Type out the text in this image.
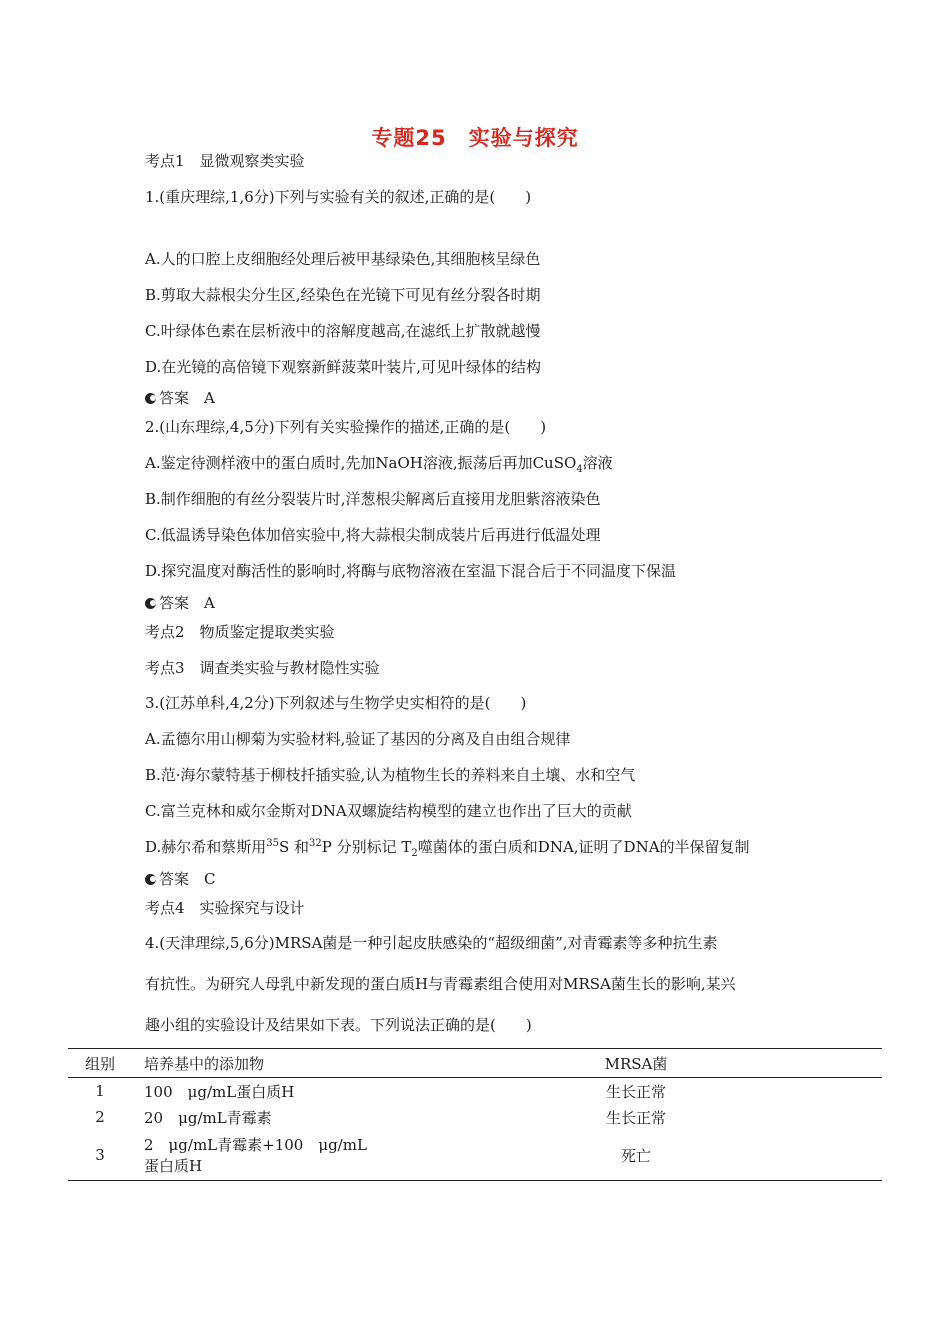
专题25　实验与探究
考点1　显微观察类实验
1.(重庆理综,1,6分)下列与实验有关的叙述,正确的是(　　)
A.人的口腔上皮细胞经处理后被甲基绿染色,其细胞核呈绿色
B.剪取大蒜根尖分生区,经染色在光镜下可见有丝分裂各时期
C.叶绿体色素在层析液中的溶解度越高,在滤纸上扩散就越慢
D.在光镜的高倍镜下观察新鲜菠菜叶装片,可见叶绿体的结构
答案　A
2.(山东理综,4,5分)下列有关实验操作的描述,正确的是(　　)
A.鉴定待测样液中的蛋白质时,先加NaOH溶液,振荡后再加CuSO$_4$溶液
B.制作细胞的有丝分裂装片时,洋葱根尖解离后直接用龙胆紫溶液染色
C.低温诱导染色体加倍实验中,将大蒜根尖制成装片后再进行低温处理
D.探究温度对酶活性的影响时,将酶与底物溶液在室温下混合后于不同温度下保温
答案　A
考点2　物质鉴定提取类实验
考点3　调查类实验与教材隐性实验
3.(江苏单科,4,2分)下列叙述与生物学史实相符的是(　　)
A.孟德尔用山柳菊为实验材料,验证了基因的分离及自由组合规律
B.范·海尔蒙特基于柳枝扦插实验,认为植物生长的养料来自土壤、水和空气
C.富兰克林和威尔金斯对DNA双螺旋结构模型的建立也作出了巨大的贡献
D.赫尔希和蔡斯用$^{35}$S 和$^{32}$P 分别标记 $T_2$噬菌体的蛋白质和DNA,证明了DNA的半保留复制
答案　C
考点4　实验探究与设计
4.(天津理综,5,6分)MRSA菌是一种引起皮肤感染的“超级细菌”,对青霉素等多种抗生素
有抗性。为研究人母乳中新发现的蛋白质H与青霉素组合使用对MRSA菌生长的影响,某兴
趣小组的实验设计及结果如下表。下列说法正确的是(　　)
组别	培养基中的添加物	MRSA菌
1	100　μg/mL蛋白质H	生长正常
2	20　μg/mL青霉素	生长正常
3	2　μg/mL青霉素+100　μg/mL
蛋白质H	死亡
